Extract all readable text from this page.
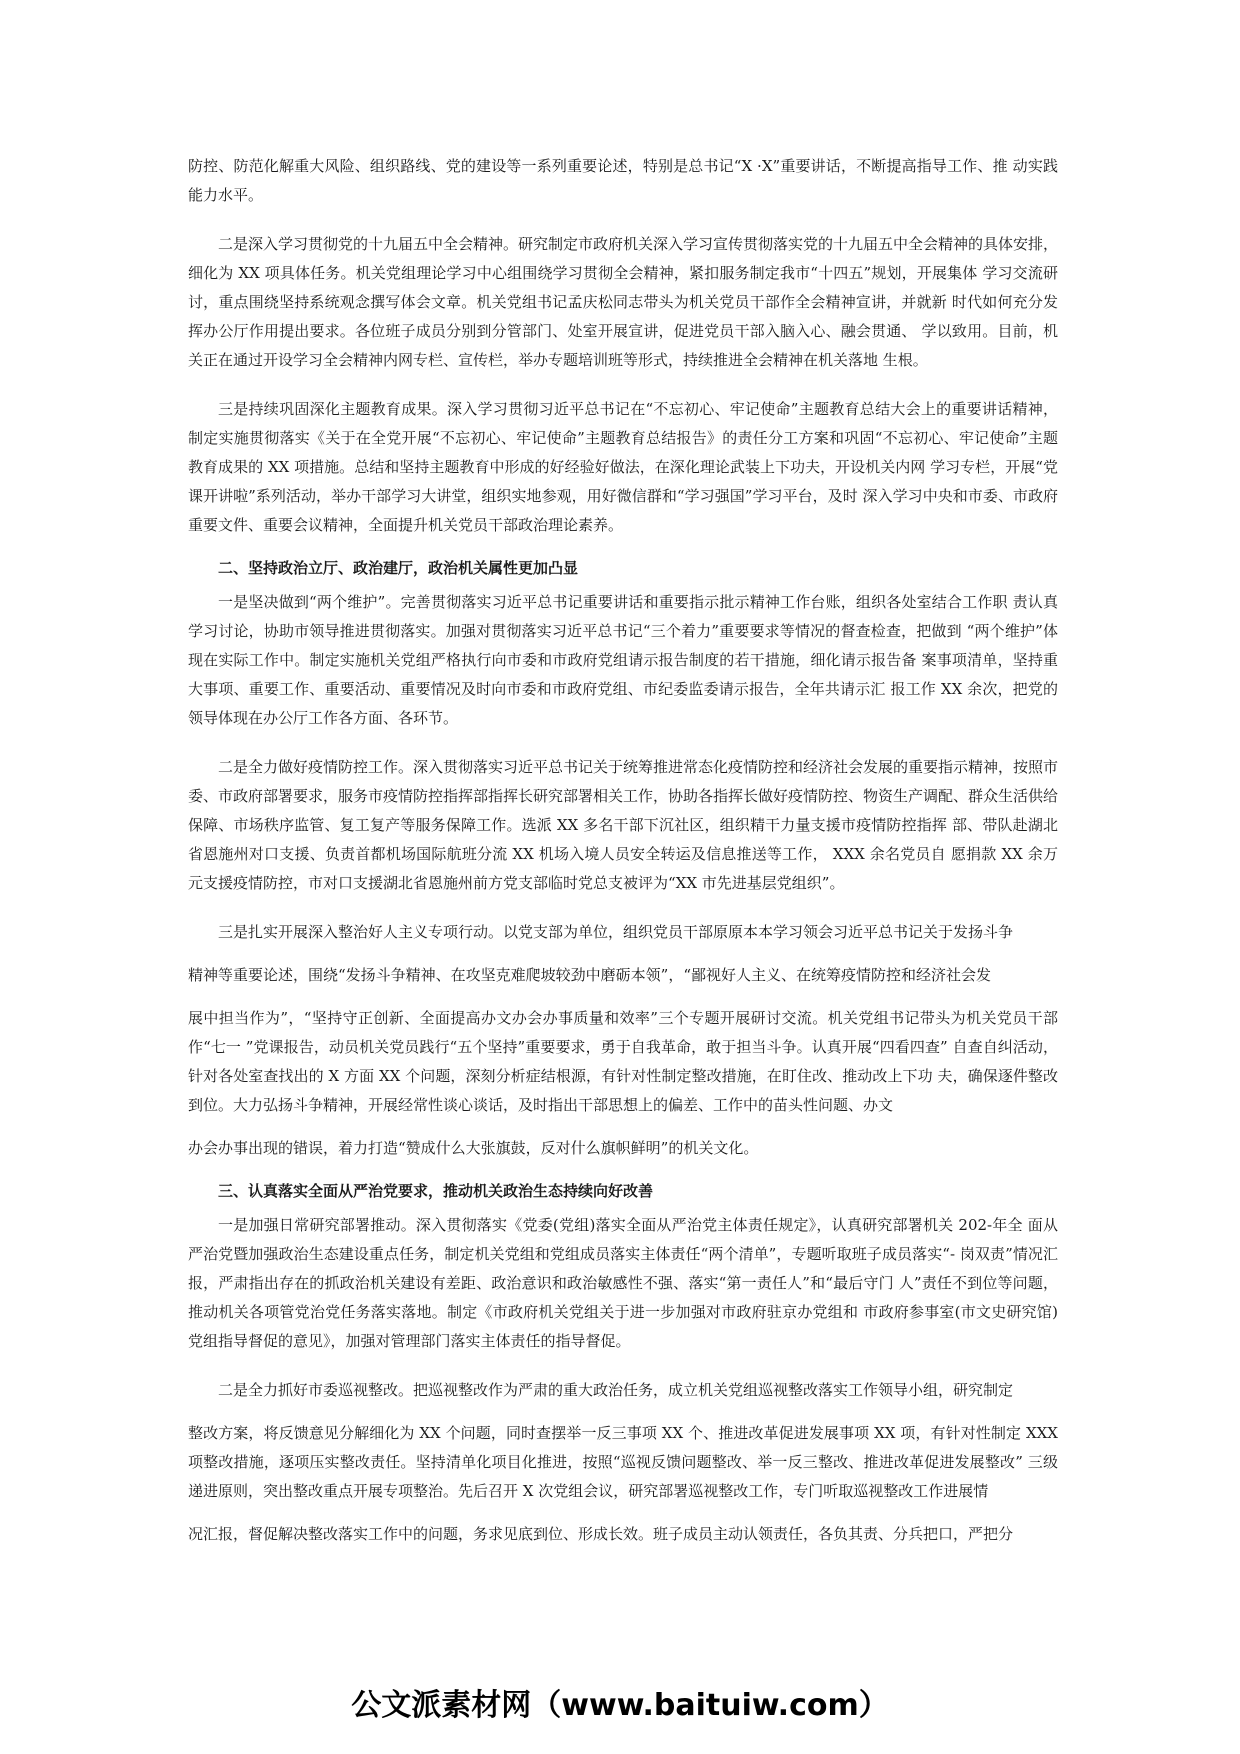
防控、防范化解重大风险、组织路线、党的建设等一系列重要论述，特别是总书记“X ·X”重要讲话，不断提高指导工作、推 动实践能力水平。

二是深入学习贯彻党的十九届五中全会精神。研究制定市政府机关深入学习宣传贯彻落实党的十九届五中全会精神的具体安排，细化为 XX 项具体任务。机关党组理论学习中心组围绕学习贯彻全会精神，紧扣服务制定我市“十四五”规划，开展集体 学习交流研讨，重点围绕坚持系统观念撰写体会文章。机关党组书记孟庆松同志带头为机关党员干部作全会精神宣讲，并就新 时代如何充分发挥办公厅作用提出要求。各位班子成员分别到分管部门、处室开展宣讲，促进党员干部入脑入心、融会贯通、 学以致用。目前，机关正在通过开设学习全会精神内网专栏、宣传栏，举办专题培训班等形式，持续推进全会精神在机关落地 生根。

三是持续巩固深化主题教育成果。深入学习贯彻习近平总书记在“不忘初心、牢记使命”主题教育总结大会上的重要讲话精神，制定实施贯彻落实《关于在全党开展“不忘初心、牢记使命”主题教育总结报告》的责任分工方案和巩固“不忘初心、牢记使命”主题教育成果的 XX 项措施。总结和坚持主题教育中形成的好经验好做法，在深化理论武装上下功夫，开设机关内网 学习专栏，开展“党课开讲啦”系列活动，举办干部学习大讲堂，组织实地参观，用好微信群和“学习强国”学习平台，及时 深入学习中央和市委、市政府重要文件、重要会议精神，全面提升机关党员干部政治理论素养。

二、坚持政治立厅、政治建厅，政治机关属性更加凸显

一是坚决做到“两个维护”。完善贯彻落实习近平总书记重要讲话和重要指示批示精神工作台账，组织各处室结合工作职 责认真学习讨论，协助市领导推进贯彻落实。加强对贯彻落实习近平总书记“三个着力”重要要求等情况的督查检查，把做到 “两个维护”体现在实际工作中。制定实施机关党组严格执行向市委和市政府党组请示报告制度的若干措施，细化请示报告备 案事项清单，坚持重大事项、重要工作、重要活动、重要情况及时向市委和市政府党组、市纪委监委请示报告，全年共请示汇 报工作 XX 余次，把党的领导体现在办公厅工作各方面、各环节。

二是全力做好疫情防控工作。深入贯彻落实习近平总书记关于统筹推进常态化疫情防控和经济社会发展的重要指示精神，按照市委、市政府部署要求，服务市疫情防控指挥部指挥长研究部署相关工作，协助各指挥长做好疫情防控、物资生产调配、群众生活供给保障、市场秩序监管、复工复产等服务保障工作。选派 XX 多名干部下沉社区，组织精干力量支援市疫情防控指挥 部、带队赴湖北省恩施州对口支援、负责首都机场国际航班分流 XX 机场入境人员安全转运及信息推送等工作， XXX 余名党员自 愿捐款 XX 余万元支援疫情防控，市对口支援湖北省恩施州前方党支部临时党总支被评为“XX 市先进基层党组织”。

三是扎实开展深入整治好人主义专项行动。以党支部为单位，组织党员干部原原本本学习领会习近平总书记关于发扬斗争

精神等重要论述，围绕“发扬斗争精神、在攻坚克难爬坡较劲中磨砺本领”，“鄙视好人主义、在统筹疫情防控和经济社会发

展中担当作为”，“坚持守正创新、全面提高办文办会办事质量和效率”三个专题开展研讨交流。机关党组书记带头为机关党员干部作“七一 ”党课报告，动员机关党员践行“五个坚持”重要要求，勇于自我革命，敢于担当斗争。认真开展“四看四查” 自查自纠活动，针对各处室查找出的 X 方面 XX 个问题，深刻分析症结根源，有针对性制定整改措施，在盯住改、推动改上下功 夫，确保逐件整改到位。大力弘扬斗争精神，开展经常性谈心谈话，及时指出干部思想上的偏差、工作中的苗头性问题、办文

办会办事出现的错误，着力打造“赞成什么大张旗鼓，反对什么旗帜鲜明”的机关文化。

三、认真落实全面从严治党要求，推动机关政治生态持续向好改善

一是加强日常研究部署推动。深入贯彻落实《党委(党组)落实全面从严治党主体责任规定》，认真研究部署机关 202-年全 面从严治党暨加强政治生态建设重点任务，制定机关党组和党组成员落实主体责任“两个清单”，专题听取班子成员落实“- 岗双责”情况汇报，严肃指出存在的抓政治机关建设有差距、政治意识和政治敏感性不强、落实“第一责任人”和“最后守门 人”责任不到位等问题，推动机关各项管党治党任务落实落地。制定《市政府机关党组关于进一步加强对市政府驻京办党组和 市政府参事室(市文史研究馆)党组指导督促的意见》，加强对管理部门落实主体责任的指导督促。

二是全力抓好市委巡视整改。把巡视整改作为严肃的重大政治任务，成立机关党组巡视整改落实工作领导小组，研究制定

整改方案，将反馈意见分解细化为 XX 个问题，同时查摆举一反三事项 XX 个、推进改革促进发展事项 XX 项，有针对性制定 XXX 项整改措施，逐项压实整改责任。坚持清单化项目化推进，按照“巡视反馈问题整改、举一反三整改、推进改革促进发展整改” 三级递进原则，突出整改重点开展专项整治。先后召开 X 次党组会议，研究部署巡视整改工作，专门听取巡视整改工作进展情

况汇报，督促解决整改落实工作中的问题，务求见底到位、形成长效。班子成员主动认领责任，各负其责、分兵把口，严把分

公文派素材网（www.baituiw.com）
